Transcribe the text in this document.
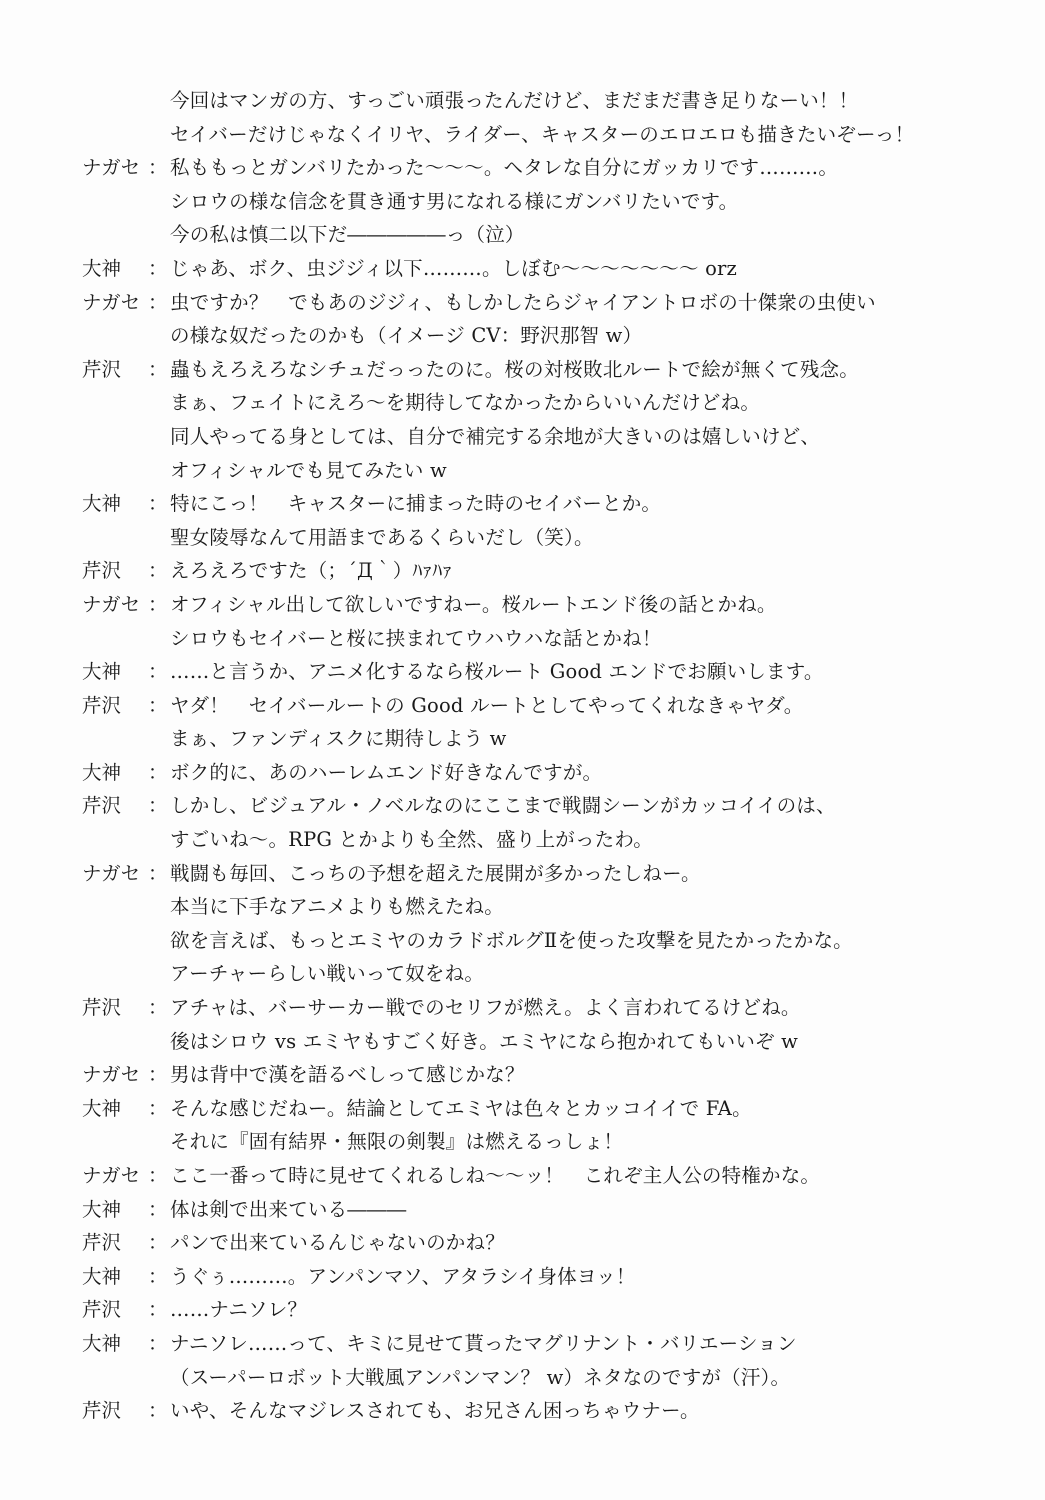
今回はマンガの方、すっごい頑張ったんだけど、まだまだ書き足りなーい！！
セイバーだけじゃなくイリヤ、ライダー、キャスターのエロエロも描きたいぞーっ！
ナガセ ： 私ももっとガンバリたかった～～～。ヘタレな自分にガッカリです………。
シロウの様な信念を貫き通す男になれる様にガンバリたいです。
今の私は慎二以下だ―――――っ（泣）
大神	： じゃあ、ボク、虫ジジィ以下………。しぼむ～～～～～～～ orz
ナガセ ： 虫ですか？　でもあのジジィ、もしかしたらジャイアントロボの十傑衆の虫使い
の様な奴だったのかも（イメージ CV：野沢那智 w）
芹沢	： 蟲もえろえろなシチュだっったのに。桜の対桜敗北ルートで絵が無くて残念。
まぁ、フェイトにえろ～を期待してなかったからいいんだけどね。
同人やってる身としては、自分で補完する余地が大きいのは嬉しいけど、
オフィシャルでも見てみたい w
大神	： 特にこっ！　キャスターに捕まった時のセイバーとか。
聖女陵辱なんて用語まであるくらいだし（笑）。
芹沢	： えろえろですた（；´Д｀）ﾊｧﾊｧ
ナガセ ： オフィシャル出して欲しいですねー。桜ルートエンド後の話とかね。
シロウもセイバーと桜に挟まれてウハウハな話とかね！
大神	： ……と言うか、アニメ化するなら桜ルート Good エンドでお願いします。
芹沢	： ヤダ！　セイバールートの Good ルートとしてやってくれなきゃヤダ。
まぁ、ファンディスクに期待しよう w
大神	： ボク的に、あのハーレムエンド好きなんですが。
芹沢	： しかし、ビジュアル・ノベルなのにここまで戦闘シーンがカッコイイのは、
すごいね～。RPG とかよりも全然、盛り上がったわ。
ナガセ ： 戦闘も毎回、こっちの予想を超えた展開が多かったしねー。
本当に下手なアニメよりも燃えたね。
欲を言えば、もっとエミヤのカラドボルグⅡを使った攻撃を見たかったかな。
アーチャーらしい戦いって奴をね。
芹沢	： アチャは、バーサーカー戦でのセリフが燃え。よく言われてるけどね。
後はシロウ vs エミヤもすごく好き。エミヤになら抱かれてもいいぞ w
ナガセ ： 男は背中で漢を語るべしって感じかな？
大神	： そんな感じだねー。結論としてエミヤは色々とカッコイイで FA。
それに『固有結界・無限の剣製』は燃えるっしょ！
ナガセ ： ここ一番って時に見せてくれるしね～～ッ！　これぞ主人公の特権かな。
大神	： 体は剣で出来ている―――
芹沢	： パンで出来ているんじゃないのかね？
大神	： うぐぅ………。アンパンマソ、アタラシイ身体ヨッ！
芹沢	： ……ナニソレ？
大神	： ナニソレ……って、キミに見せて貰ったマグリナント・バリエーション
（スーパーロボット大戦風アンパンマン？ w）ネタなのですが（汗）。
芹沢	： いや、そんなマジレスされても、お兄さん困っちゃウナー。
